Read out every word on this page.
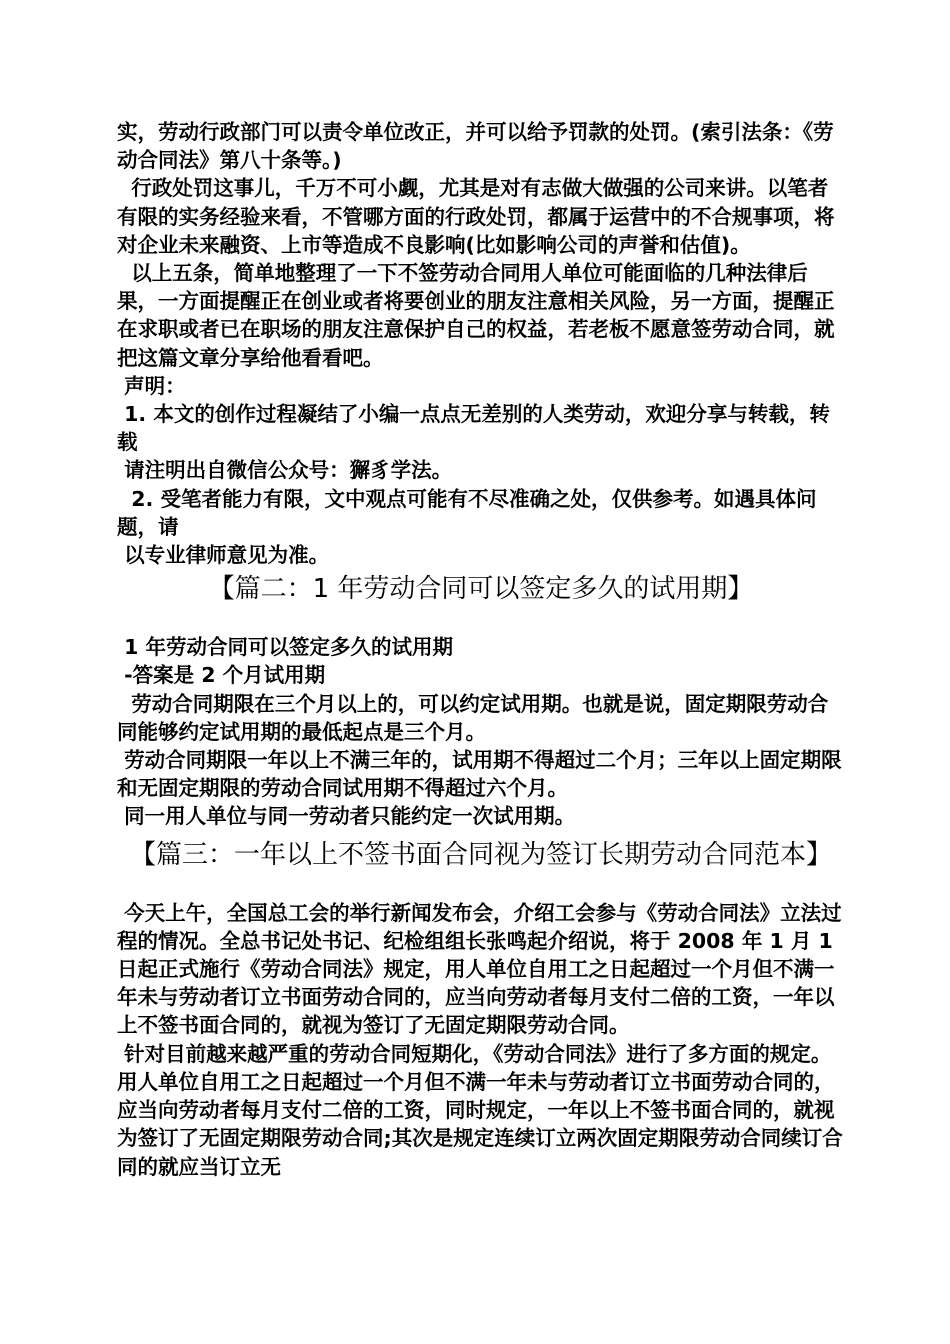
实，劳动行政部门可以责令单位改正，并可以给予罚款的处罚。(索引法条：《劳动合同法》第八十条等。)

行政处罚这事儿，千万不可小觑，尤其是对有志做大做强的公司来讲。以笔者有限的实务经验来看，不管哪方面的行政处罚，都属于运营中的不合规事项，将对企业未来融资、上市等造成不良影响(比如影响公司的声誉和估值)。

以上五条，简单地整理了一下不签劳动合同用人单位可能面临的几种法律后果，一方面提醒正在创业或者将要创业的朋友注意相关风险，另一方面，提醒正在求职或者已在职场的朋友注意保护自己的权益，若老板不愿意签劳动合同，就把这篇文章分享给他看看吧。

声明：

1. 本文的创作过程凝结了小编一点点无差别的人类劳动，欢迎分享与转载，转载

请注明出自微信公众号：獬豸学法。

2. 受笔者能力有限，文中观点可能有不尽准确之处，仅供参考。如遇具体问题，请

以专业律师意见为准。

【篇二：1 年劳动合同可以签定多久的试用期】

1 年劳动合同可以签定多久的试用期

-答案是 2 个月试用期

劳动合同期限在三个月以上的，可以约定试用期。也就是说，固定期限劳动合同能够约定试用期的最低起点是三个月。

劳动合同期限一年以上不满三年的，试用期不得超过二个月；三年以上固定期限和无固定期限的劳动合同试用期不得超过六个月。

同一用人单位与同一劳动者只能约定一次试用期。

【篇三：一年以上不签书面合同视为签订长期劳动合同范本】

今天上午，全国总工会的举行新闻发布会，介绍工会参与《劳动合同法》立法过程的情况。全总书记处书记、纪检组组长张鸣起介绍说，将于 2008 年 1 月 1 日起正式施行《劳动合同法》规定，用人单位自用工之日起超过一个月但不满一年未与劳动者订立书面劳动合同的，应当向劳动者每月支付二倍的工资，一年以上不签书面合同的，就视为签订了无固定期限劳动合同。

针对目前越来越严重的劳动合同短期化，《劳动合同法》进行了多方面的规定。用人单位自用工之日起超过一个月但不满一年未与劳动者订立书面劳动合同的，应当向劳动者每月支付二倍的工资，同时规定，一年以上不签书面合同的，就视为签订了无固定期限劳动合同;其次是规定连续订立两次固定期限劳动合同续订合同的就应当订立无
